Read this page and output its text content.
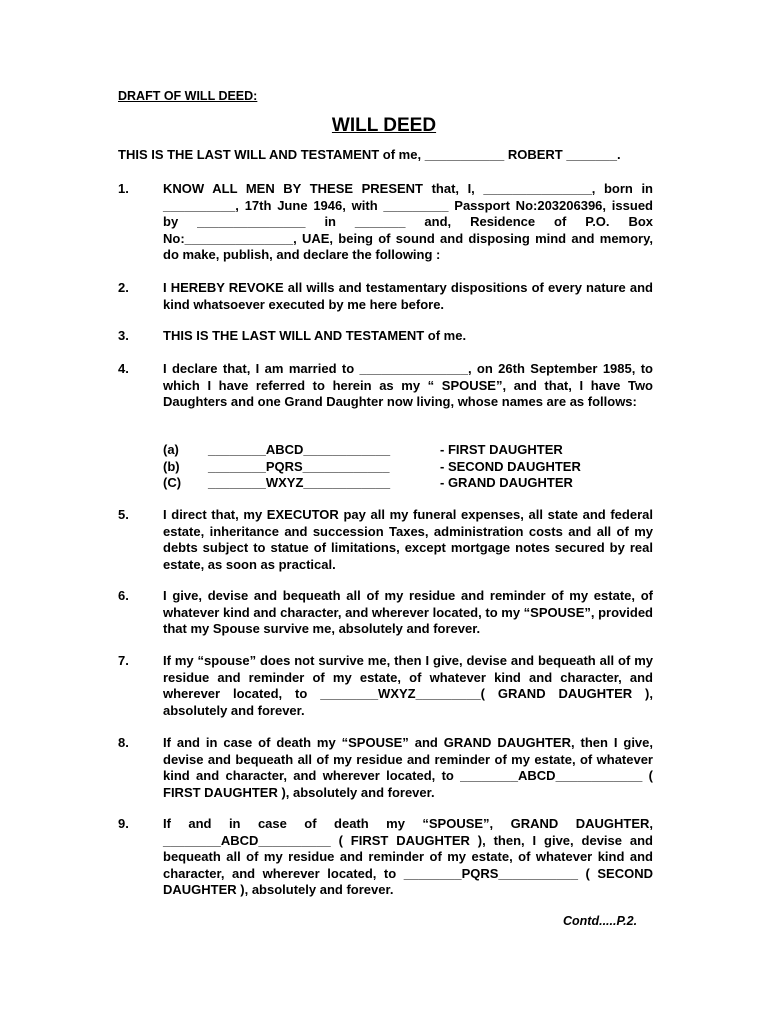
DRAFT OF WILL DEED:
WILL DEED
THIS IS THE LAST WILL AND TESTAMENT of me, ___________ ROBERT _______.
1.	KNOW ALL MEN BY THESE PRESENT that, I, _______________, born in __________, 17th June 1946, with _________ Passport No:203206396, issued by _______________ in _______ and, Residence of P.O. Box No:_______________, UAE, being of sound and disposing mind and memory, do make, publish, and declare the following :
2.	I HEREBY REVOKE all wills and testamentary dispositions of every nature and kind whatsoever executed by me here before.
3.	THIS IS THE LAST WILL AND TESTAMENT of me.
4.	I declare that, I am married to _______________, on 26th September 1985, to which I have referred to herein as my “ SPOUSE”, and that, I have Two Daughters and one Grand Daughter now living, whose names are as follows:
(a) ________ABCD____________	- FIRST DAUGHTER
(b) ________PQRS____________	- SECOND DAUGHTER
(C) ________WXYZ____________	- GRAND DAUGHTER
5.	I direct that, my EXECUTOR pay all my funeral expenses, all state and federal estate, inheritance and succession Taxes, administration costs and all of my debts subject to statue of limitations, except mortgage notes secured by real estate, as soon as practical.
6.	I give, devise and bequeath all of my residue and reminder of my estate, of whatever kind and character, and wherever located, to my “SPOUSE”, provided that my Spouse survive me, absolutely and forever.
7.	If my “spouse” does not survive me, then I give, devise and bequeath all of my residue and reminder of my estate, of whatever kind and character, and wherever located, to ________WXYZ_________( GRAND DAUGHTER ), absolutely and forever.
8.	If and in case of death my “SPOUSE” and GRAND DAUGHTER, then I give, devise and bequeath all of my residue and reminder of my estate, of whatever kind and character, and wherever located, to ________ABCD____________ ( FIRST DAUGHTER ), absolutely and forever.
9.	If and in case of death my “SPOUSE”, GRAND DAUGHTER, ________ABCD__________ ( FIRST DAUGHTER ), then, I give, devise and bequeath all of my residue and reminder of my estate, of whatever kind and character, and wherever located, to ________PQRS___________ ( SECOND DAUGHTER ), absolutely and forever.
Contd.....P.2.
